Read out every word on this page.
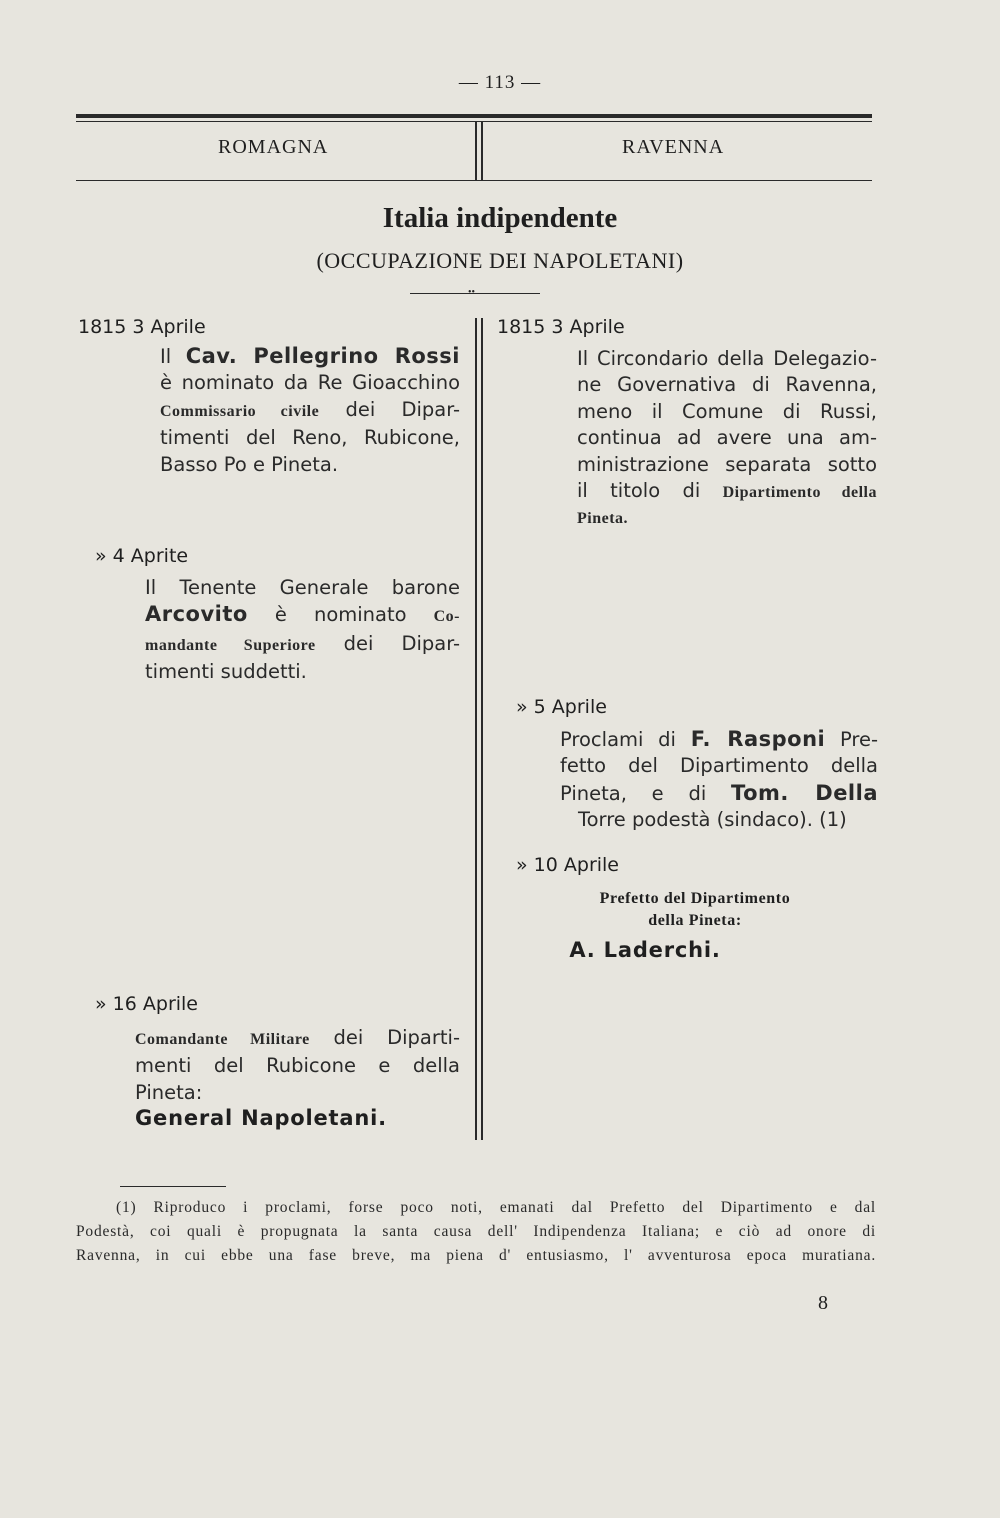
— 113 —
ROMAGNA	RAVENNA
Italia indipendente
(OCCUPAZIONE DEI NAPOLETANI)
••
1815 3 Aprile
Il Cav. Pellegrino Rossi
è nominato da Re Gioacchino
Commissario civile dei Dipar-
timenti del Reno, Rubicone,
Basso Po e Pineta.
» 4 Aprite
Il Tenente Generale barone
Arcovito è nominato Co-
mandante Superiore dei Dipar-
timenti suddetti.
» 16 Aprile
Comandante Militare dei Diparti-
menti del Rubicone e della
Pineta:
General Napoletani.
1815 3 Aprile
Il Circondario della Delegazio-
ne Governativa di Ravenna,
meno il Comune di Russi,
continua ad avere una am-
ministrazione separata sotto
il titolo di Dipartimento della
Pineta.
» 5 Aprile
Proclami di F. Rasponi Pre-
fetto del Dipartimento della
Pineta, e di Tom. Della
Torre podestà (sindaco). (1)
» 10 Aprile
Prefetto del Dipartimento
della Pineta:
A. Laderchi.
(1) Riproduco i proclami, forse poco noti, emanati dal Prefetto del Dipartimento e dal
Podestà, coi quali è propugnata la santa causa dell' Indipendenza Italiana; e ciò ad onore di
Ravenna, in cui ebbe una fase breve, ma piena d' entusiasmo, l' avventurosa epoca muratiana.
8
